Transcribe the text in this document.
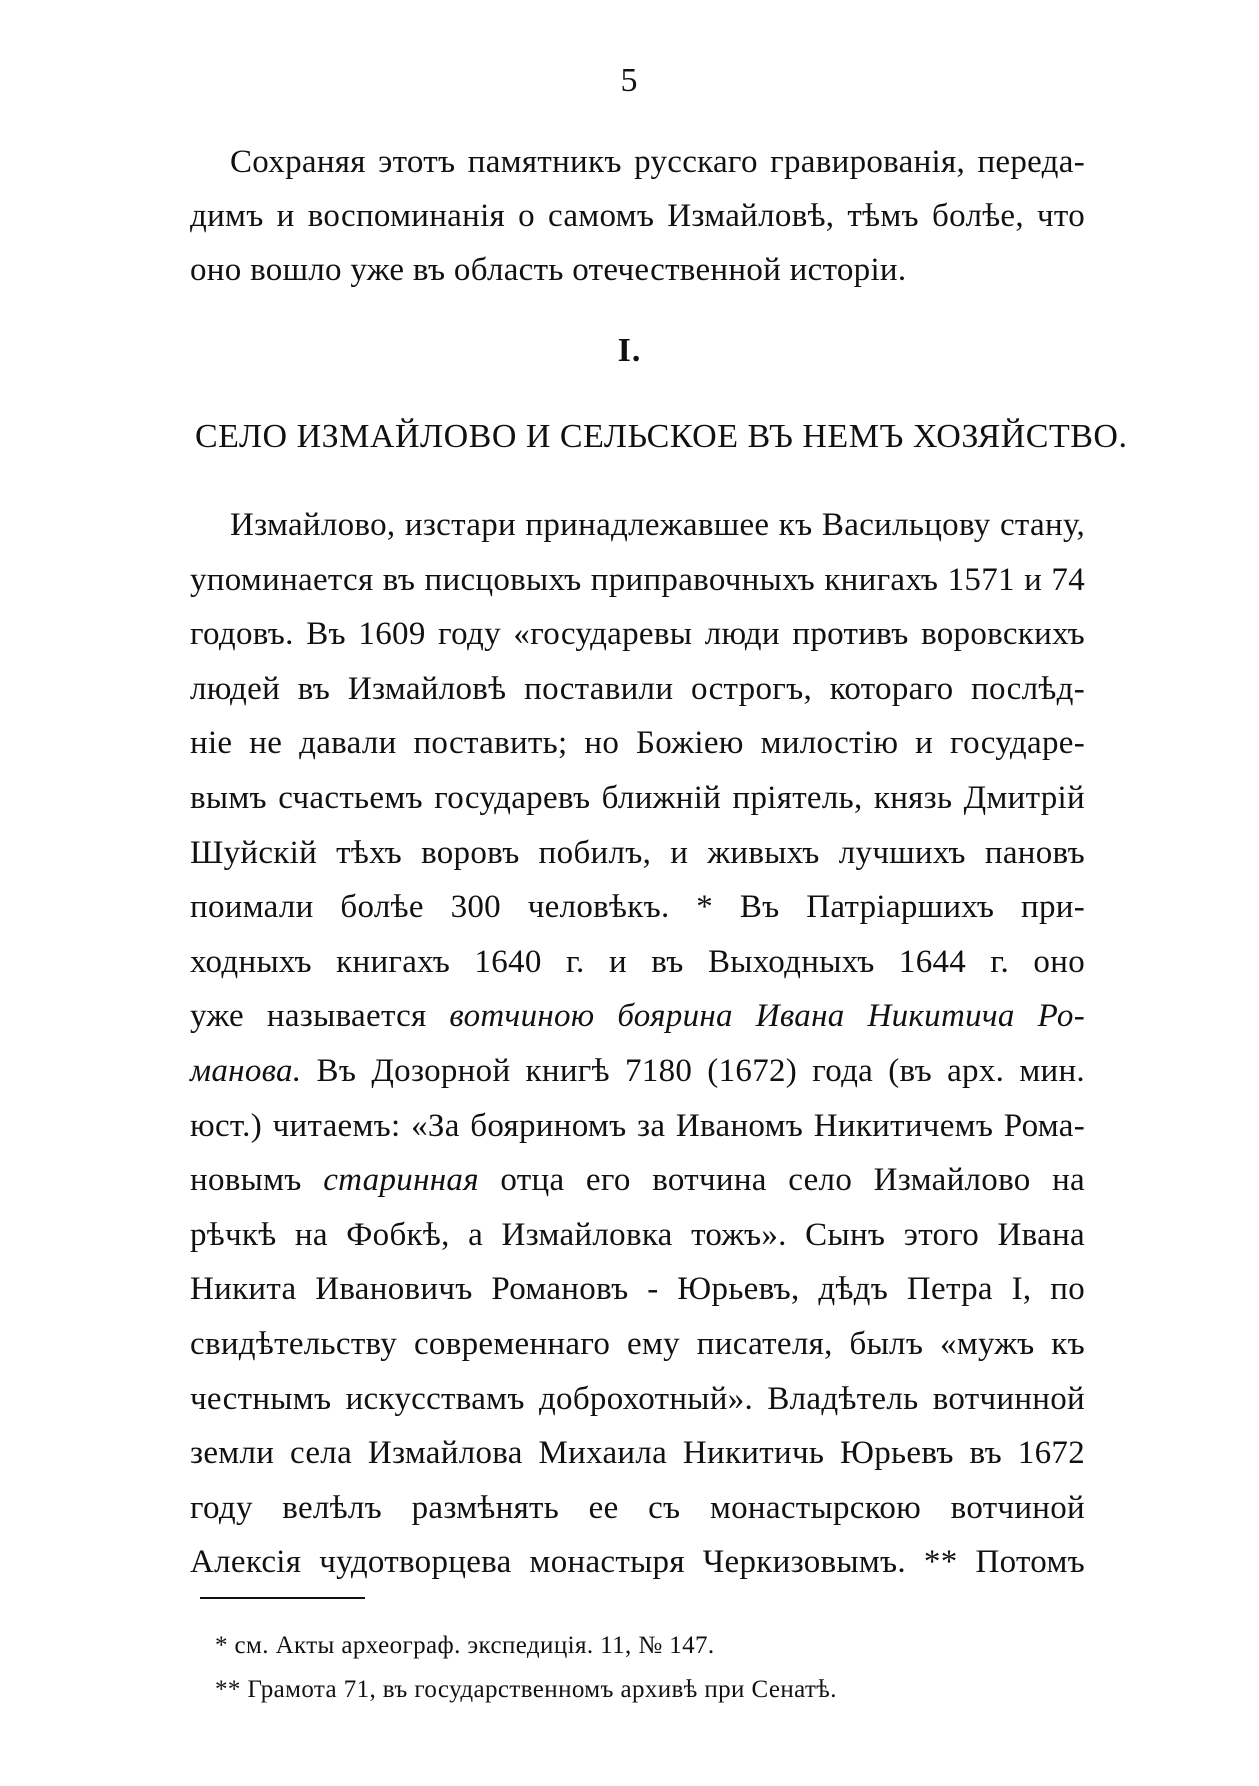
5
Сохраняя этотъ памятникъ русскаго гравированія, переда-
димъ и воспоминанія о самомъ Измайловѣ, тѣмъ болѣе, что
оно вошло уже въ область отечественной исторіи.
I.
СЕЛО ИЗМАЙЛОВО И СЕЛЬСКОЕ ВЪ НЕМЪ ХОЗЯЙСТВО.
Измайлово, изстари принадлежавшее къ Васильцову стану,
упоминается въ писцовыхъ приправочныхъ книгахъ 1571 и 74
годовъ. Въ 1609 году «государевы люди противъ воровскихъ
людей въ Измайловѣ поставили острогъ, котораго послѣд-
ніе не давали поставить; но Божіею милостію и государе-
вымъ счастьемъ государевъ ближній пріятель, князь Дмитрій
Шуйскій тѣхъ воровъ побилъ, и живыхъ лучшихъ пановъ
поимали болѣе 300 человѣкъ. * Въ Патріаршихъ при-
ходныхъ книгахъ 1640 г. и въ Выходныхъ 1644 г. оно
уже называется вотчиною боярина Ивана Никитича Ро-
манова. Въ Дозорной книгѣ 7180 (1672) года (въ арх. мин.
юст.) читаемъ: «За бояриномъ за Иваномъ Никитичемъ Рома-
новымъ старинная отца его вотчина село Измайлово на
рѣчкѣ на Фобкѣ, а Измайловка тожъ». Сынъ этого Ивана
Никита Ивановичъ Романовъ - Юрьевъ, дѣдъ Петра I, по
свидѣтельству современнаго ему писателя, былъ «мужъ къ
честнымъ искусствамъ доброхотный». Владѣтель вотчинной
земли села Измайлова Михаила Никитичь Юрьевъ въ 1672
году велѣлъ размѣнять ее съ монастырскою вотчиной
Алексія чудотворцева монастыря Черкизовымъ. ** Потомъ
* см. Акты археограф. экспедиція. 11, № 147.
** Грамота 71, въ государственномъ архивѣ при Сенатѣ.
